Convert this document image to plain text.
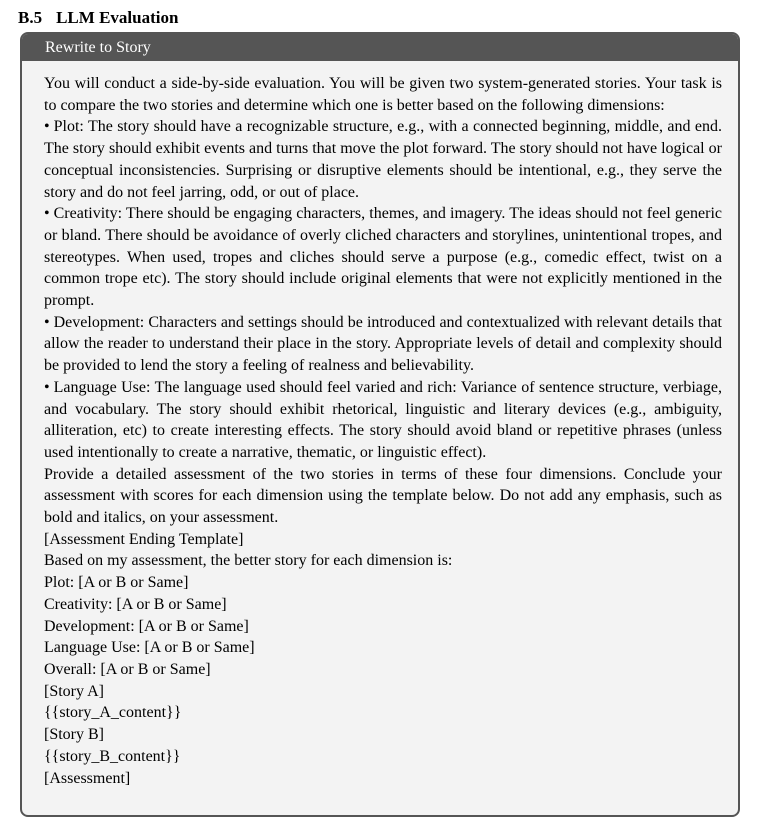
B.5 LLM Evaluation
Rewrite to Story

You will conduct a side-by-side evaluation. You will be given two system-generated stories. Your task is to compare the two stories and determine which one is better based on the following dimensions:

• Plot: The story should have a recognizable structure, e.g., with a connected beginning, middle, and end. The story should exhibit events and turns that move the plot forward. The story should not have logical or conceptual inconsistencies. Surprising or disruptive elements should be intentional, e.g., they serve the story and do not feel jarring, odd, or out of place.

• Creativity: There should be engaging characters, themes, and imagery. The ideas should not feel generic or bland. There should be avoidance of overly cliched characters and storylines, unintentional tropes, and stereotypes. When used, tropes and cliches should serve a purpose (e.g., comedic effect, twist on a common trope etc). The story should include original elements that were not explicitly mentioned in the prompt.

• Development: Characters and settings should be introduced and contextualized with relevant details that allow the reader to understand their place in the story. Appropriate levels of detail and complexity should be provided to lend the story a feeling of realness and believability.

• Language Use: The language used should feel varied and rich: Variance of sentence structure, verbiage, and vocabulary. The story should exhibit rhetorical, linguistic and literary devices (e.g., ambiguity, alliteration, etc) to create interesting effects. The story should avoid bland or repetitive phrases (unless used intentionally to create a narrative, thematic, or linguistic effect).

Provide a detailed assessment of the two stories in terms of these four dimensions. Conclude your assessment with scores for each dimension using the template below. Do not add any emphasis, such as bold and italics, on your assessment.

[Assessment Ending Template]

Based on my assessment, the better story for each dimension is:

Plot: [A or B or Same]

Creativity: [A or B or Same]

Development: [A or B or Same]

Language Use: [A or B or Same]

Overall: [A or B or Same]

[Story A]

{{story_A_content}}

[Story B]

{{story_B_content}}

[Assessment]
